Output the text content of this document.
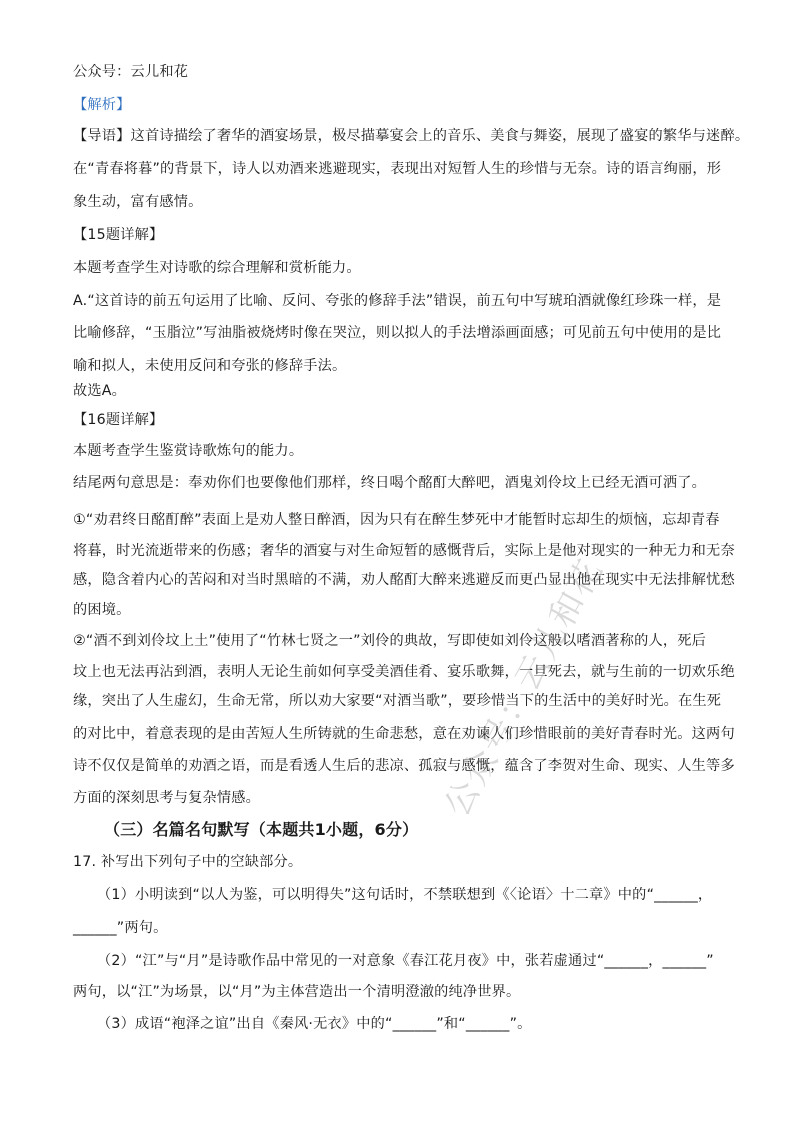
公众号：云儿和花
【解析】
【导语】这首诗描绘了奢华的酒宴场景，极尽描摹宴会上的音乐、美食与舞姿，展现了盛宴的繁华与迷醉。
在“青春将暮”的背景下，诗人以劝酒来逃避现实，表现出对短暂人生的珍惜与无奈。诗的语言绚丽，形
象生动，富有感情。
【15题详解】
本题考查学生对诗歌的综合理解和赏析能力。
A.“这首诗的前五句运用了比喻、反问、夸张的修辞手法”错误，前五句中写琥珀酒就像红珍珠一样，是
比喻修辞，“玉脂泣”写油脂被烧烤时像在哭泣，则以拟人的手法增添画面感；可见前五句中使用的是比
喻和拟人，未使用反问和夸张的修辞手法。
故选A。
【16题详解】
本题考查学生鉴赏诗歌炼句的能力。
结尾两句意思是：奉劝你们也要像他们那样，终日喝个酩酊大醉吧，酒鬼刘伶坟上已经无酒可洒了。
①“劝君终日酩酊醉”表面上是劝人整日醉酒，因为只有在醉生梦死中才能暂时忘却生的烦恼，忘却青春
将暮，时光流逝带来的伤感；奢华的酒宴与对生命短暂的感慨背后，实际上是他对现实的一种无力和无奈
感，隐含着内心的苦闷和对当时黑暗的不满，劝人酩酊大醉来逃避反而更凸显出他在现实中无法排解忧愁
的困境。
②“酒不到刘伶坟上土”使用了“竹林七贤之一”刘伶的典故，写即使如刘伶这般以嗜酒著称的人，死后
坟上也无法再沾到酒，表明人无论生前如何享受美酒佳肴、宴乐歌舞，一旦死去，就与生前的一切欢乐绝
缘，突出了人生虚幻，生命无常，所以劝大家要“对酒当歌”，要珍惜当下的生活中的美好时光。在生死
的对比中，着意表现的是由苦短人生所铸就的生命悲愁，意在劝谏人们珍惜眼前的美好青春时光。这两句
诗不仅仅是简单的劝酒之语，而是看透人生后的悲凉、孤寂与感慨，蕴含了李贺对生命、现实、人生等多
方面的深刻思考与复杂情感。
（三）名篇名句默写（本题共1小题，6分）
17. 补写出下列句子中的空缺部分。
（1）小明读到“以人为鉴，可以明得失”这句话时，不禁联想到《〈论语〉十二章》中的“______，
______”两句。
（2）“江”与“月”是诗歌作品中常见的一对意象《春江花月夜》中，张若虚通过“______，______”
两句，以“江”为场景，以“月”为主体营造出一个清明澄澈的纯净世界。
（3）成语“袍泽之谊”出自《秦风·无衣》中的“______”和“______”。
公众号：云儿和花
